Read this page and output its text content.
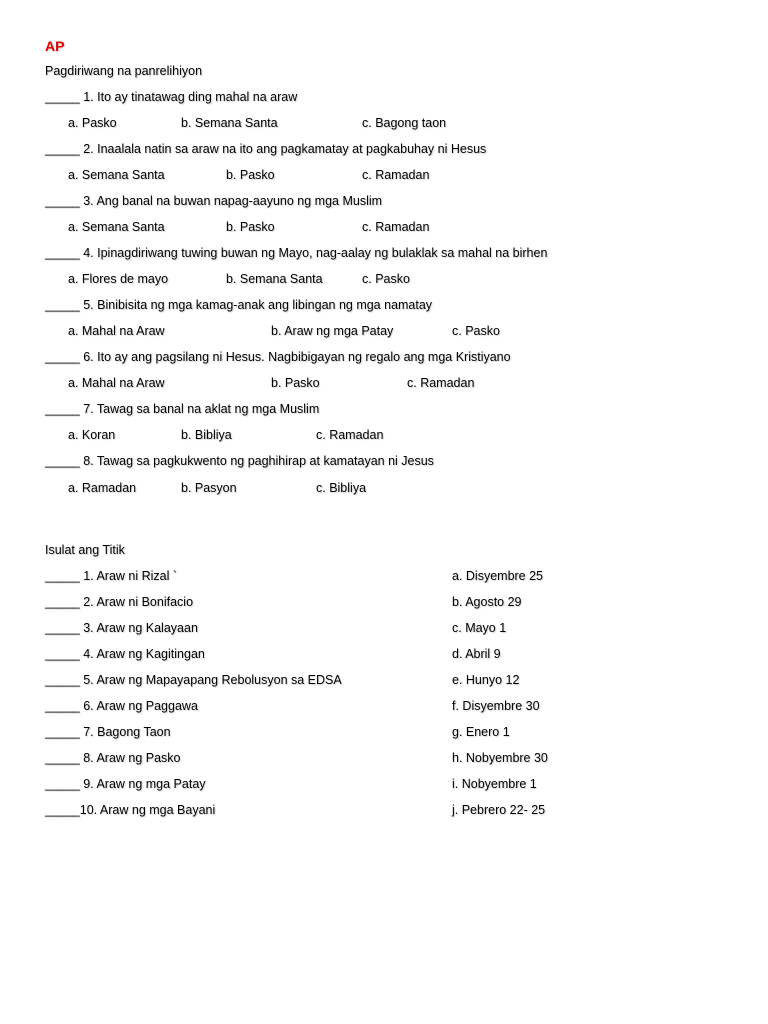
AP
Pagdiriwang na panrelihiyon
_____ 1. Ito ay tinatawag ding mahal na araw
a. Pasko	b. Semana Santa	c. Bagong taon
_____ 2. Inaalala natin sa araw na ito ang pagkamatay at pagkabuhay ni Hesus
a. Semana Santa	b. Pasko	c. Ramadan
_____ 3. Ang banal na buwan napag-aayuno ng mga Muslim
a. Semana Santa	b. Pasko	c. Ramadan
_____ 4. Ipinagdiriwang tuwing buwan ng Mayo, nag-aalay ng bulaklak sa mahal na birhen
a. Flores de mayo	b. Semana Santa	c. Pasko
_____ 5. Binibisita ng mga kamag-anak ang libingan ng mga namatay
a. Mahal na Araw	b. Araw ng mga Patay	c. Pasko
_____ 6. Ito ay ang pagsilang ni Hesus. Nagbibigayan ng regalo ang mga Kristiyano
a. Mahal na Araw	b. Pasko	c. Ramadan
_____ 7. Tawag sa banal na aklat ng mga Muslim
a. Koran	b. Bibliya	c. Ramadan
_____ 8. Tawag sa pagkukwento ng paghihirap at kamatayan ni Jesus
a. Ramadan	b. Pasyon	c. Bibliya
Isulat ang Titik
_____ 1. Araw ni Rizal `	a. Disyembre 25
_____ 2. Araw ni Bonifacio	b. Agosto 29
_____ 3. Araw ng Kalayaan	c. Mayo 1
_____ 4. Araw ng Kagitingan	d. Abril 9
_____ 5. Araw ng Mapayapang Rebolusyon sa EDSA	e. Hunyo 12
_____ 6. Araw ng Paggawa	f. Disyembre 30
_____ 7. Bagong Taon	g. Enero 1
_____ 8. Araw ng Pasko	h. Nobyembre 30
_____ 9. Araw ng mga Patay	i. Nobyembre 1
_____10. Araw ng mga Bayani	j. Pebrero 22- 25
